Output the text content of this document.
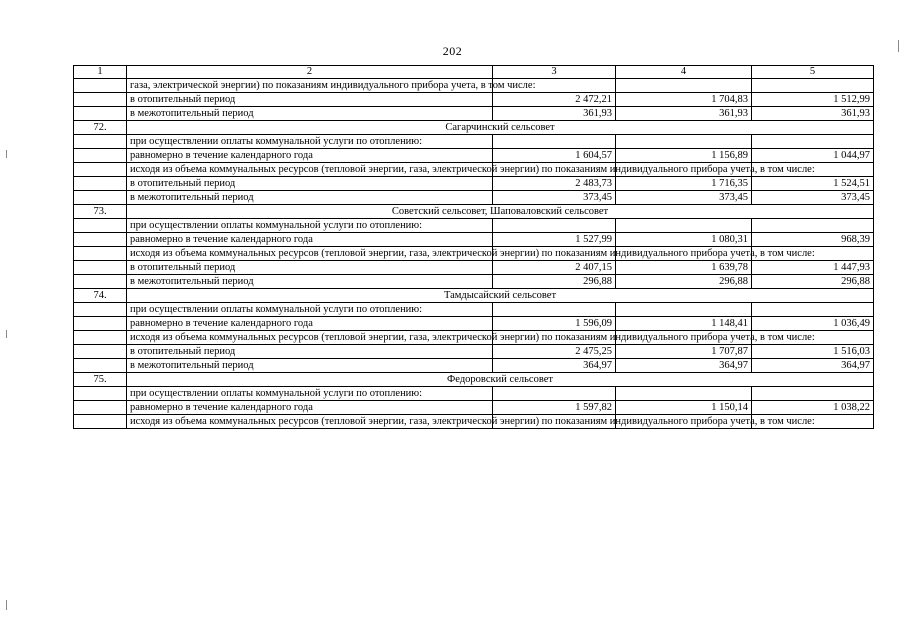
202
1	2	3	4	5
	газа, электрической энергии) по показаниям индивидуального прибора учета, в том числе:			
	в отопительный период	2 472,21	1 704,83	1 512,99
	в межотопительный период	361,93	361,93	361,93
72.	Сагарчинский сельсовет			
	при осуществлении оплаты коммунальной услуги по отоплению:			
	равномерно в течение календарного года	1 604,57	1 156,89	1 044,97
	исходя из объема коммунальных ресурсов (тепловой энергии, газа, электрической энергии) по показаниям индивидуального прибора учета, в том числе:			
	в отопительный период	2 483,73	1 716,35	1 524,51
	в межотопительный период	373,45	373,45	373,45
73.	Советский сельсовет, Шаповаловский сельсовет			
	при осуществлении оплаты коммунальной услуги по отоплению:			
	равномерно в течение календарного года	1 527,99	1 080,31	968,39
	исходя из объема коммунальных ресурсов (тепловой энергии, газа, электрической энергии) по показаниям индивидуального прибора учета, в том числе:			
	в отопительный период	2 407,15	1 639,78	1 447,93
	в межотопительный период	296,88	296,88	296,88
74.	Тамдысайский сельсовет			
	при осуществлении оплаты коммунальной услуги по отоплению:			
	равномерно в течение календарного года	1 596,09	1 148,41	1 036,49
	исходя из объема коммунальных ресурсов (тепловой энергии, газа, электрической энергии) по показаниям индивидуального прибора учета, в том числе:			
	в отопительный период	2 475,25	1 707,87	1 516,03
	в межотопительный период	364,97	364,97	364,97
75.	Федоровский сельсовет			
	при осуществлении оплаты коммунальной услуги по отоплению:			
	равномерно в течение календарного года	1 597,82	1 150,14	1 038,22
	исходя из объема коммунальных ресурсов (тепловой энергии, газа, электрической энергии) по показаниям индивидуального прибора учета, в том числе:			
